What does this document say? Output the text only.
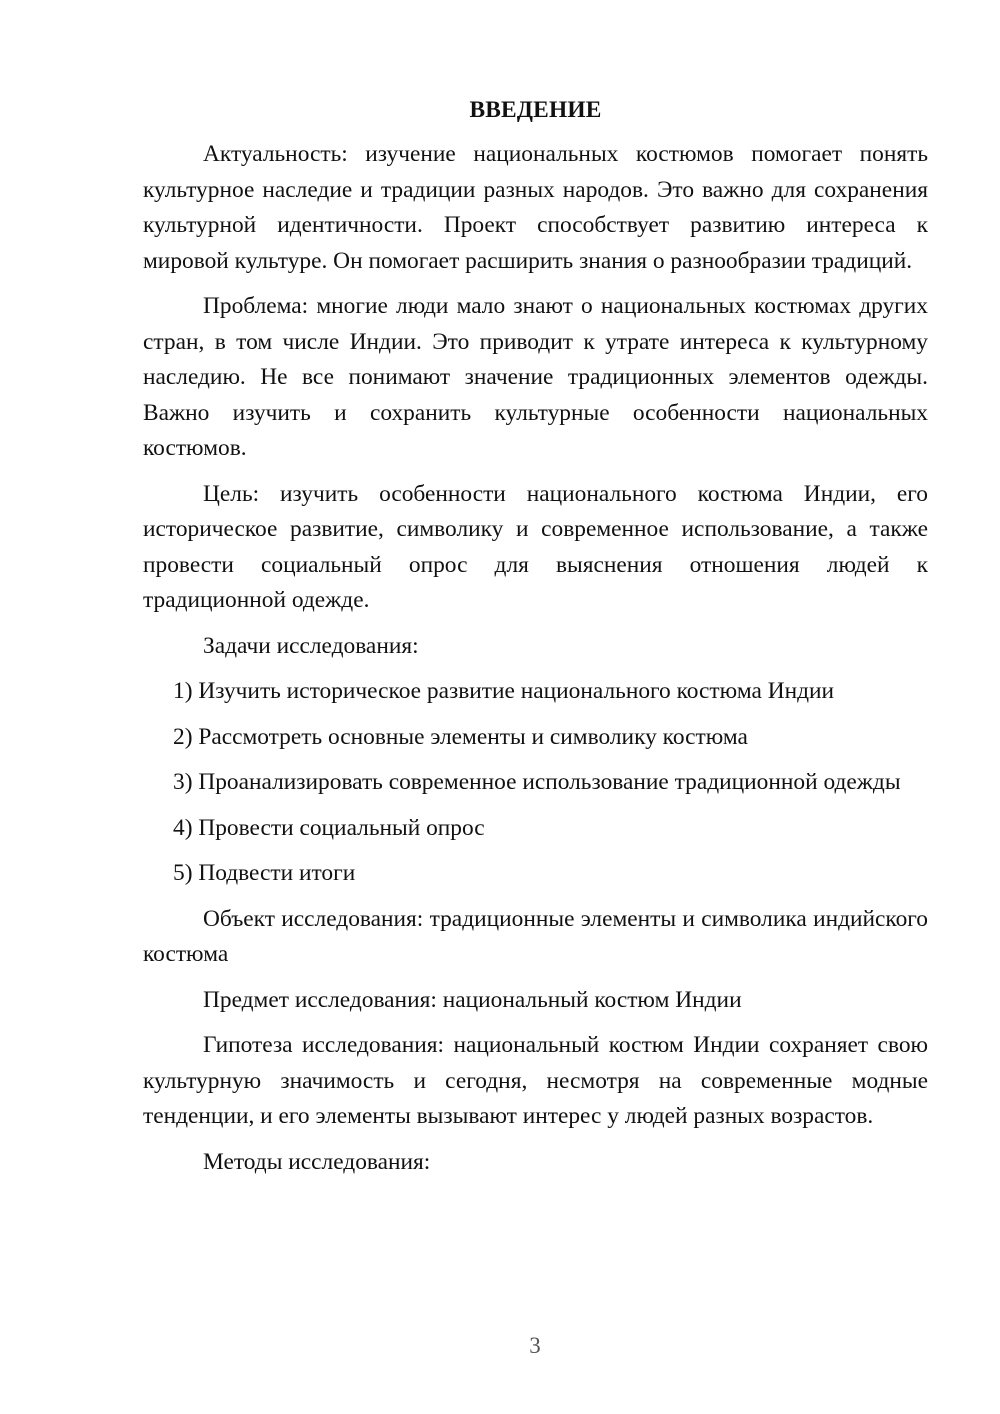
ВВЕДЕНИЕ

Актуальность: изучение национальных костюмов помогает понять культурное наследие и традиции разных народов. Это важно для сохранения культурной идентичности. Проект способствует развитию интереса к мировой культуре. Он помогает расширить знания о разнообразии традиций.

Проблема: многие люди мало знают о национальных костюмах других стран, в том числе Индии. Это приводит к утрате интереса к культурному наследию. Не все понимают значение традиционных элементов одежды. Важно изучить и сохранить культурные особенности национальных костюмов.

Цель: изучить особенности национального костюма Индии, его историческое развитие, символику и современное использование, а также провести социальный опрос для выяснения отношения людей к традиционной одежде.

Задачи исследования:

1) Изучить историческое развитие национального костюма Индии
2) Рассмотреть основные элементы и символику костюма
3) Проанализировать современное использование традиционной одежды
4) Провести социальный опрос
5) Подвести итоги

Объект исследования: традиционные элементы и символика индийского костюма

Предмет исследования: национальный костюм Индии

Гипотеза исследования: национальный костюм Индии сохраняет свою культурную значимость и сегодня, несмотря на современные модные тенденции, и его элементы вызывают интерес у людей разных возрастов.

Методы исследования:

3
